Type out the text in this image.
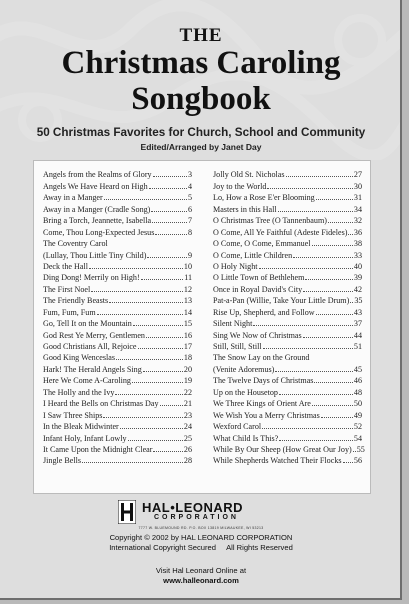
THE
Christmas Caroling
Songbook
50 Christmas Favorites for Church, School and Community
Edited/Arranged by Janet Day
Angels from the Realms of Glory	3
Angels We Have Heard on High	4
Away in a Manger	5
Away in a Manger (Cradle Song)	6
Bring a Torch, Jeannette, Isabella	7
Come, Thou Long-Expected Jesus	8
The Coventry Carol
(Lullay, Thou Little Tiny Child)	9
Deck the Hall	10
Ding Dong! Merrily on High!	11
The First Noel	12
The Friendly Beasts	13
Fum, Fum, Fum	14
Go, Tell It on the Mountain	15
God Rest Ye Merry, Gentlemen	16
Good Christians All, Rejoice	17
Good King Wenceslas	18
Hark! The Herald Angels Sing	20
Here We Come A-Caroling	19
The Holly and the Ivy	22
I Heard the Bells on Christmas Day	21
I Saw Three Ships	23
In the Bleak Midwinter	24
Infant Holy, Infant Lowly	25
It Came Upon the Midnight Clear	26
Jingle Bells	28
Jolly Old St. Nicholas	27
Joy to the World	30
Lo, How a Rose E'er Blooming	31
Masters in this Hall	34
O Christmas Tree (O Tannenbaum)	32
O Come, All Ye Faithful (Adeste Fideles) 36
O Come, O Come, Emmanuel	38
O Come, Little Children	33
O Holy Night	40
O Little Town of Bethlehem	39
Once in Royal David's City	42
Pat-a-Pan (Willie, Take Your Little Drum) 35
Rise Up, Shepherd, and Follow	43
Silent Night	37
Sing We Now of Christmas	44
Still, Still, Still	51
The Snow Lay on the Ground
(Venite Adoremus)	45
The Twelve Days of Christmas	46
Up on the Housetop	48
We Three Kings of Orient Are	50
We Wish You a Merry Christmas	49
Wexford Carol	52
What Child Is This?	54
While By Our Sheep (How Great Our Joy) 55
While Shepherds Watched Their Flocks 56
HAL•LEONARD
CORPORATION
7777 W. BLUEMOUND RD. P.O. BOX 13819 MILWAUKEE, WI 53213
Copyright © 2002 by HAL LEONARD CORPORATION
International Copyright Secured     All Rights Reserved
Visit Hal Leonard Online at
www.halleonard.com
